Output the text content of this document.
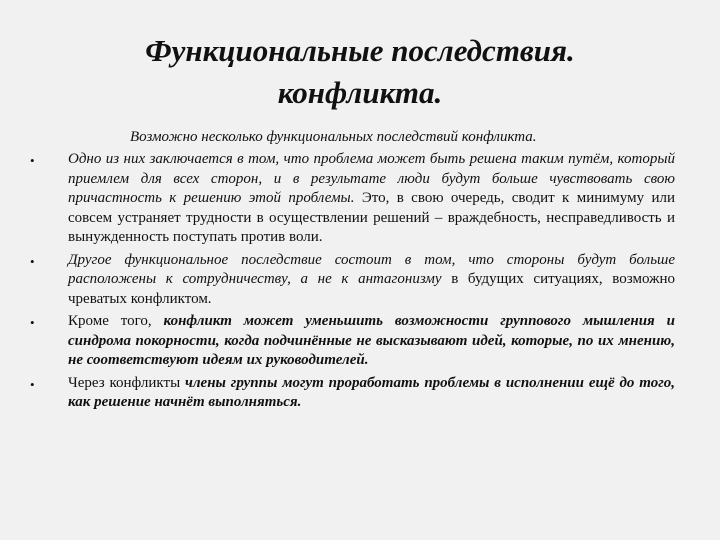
Функциональные последствия.
конфликта.
Возможно несколько функциональных последствий конфликта.
• Одно из них заключается в том, что проблема может быть решена таким путём, который приемлем для всех сторон, и в результате люди будут больше чувствовать свою причастность к решению этой проблемы. Это, в свою очередь, сводит к минимуму или совсем устраняет трудности в осуществлении решений – враждебность, несправедливость и вынужденность поступать против воли.
• Другое функциональное последствие состоит в том, что стороны будут больше расположены к сотрудничеству, а не к антагонизму в будущих ситуациях, возможно чреватых конфликтом.
• Кроме того, конфликт может уменьшить возможности группового мышления и синдрома покорности, когда подчинённые не высказывают идей, которые, по их мнению, не соответствуют идеям их руководителей.
• Через конфликты члены группы могут проработать проблемы в исполнении ещё до того, как решение начнёт выполняться.
